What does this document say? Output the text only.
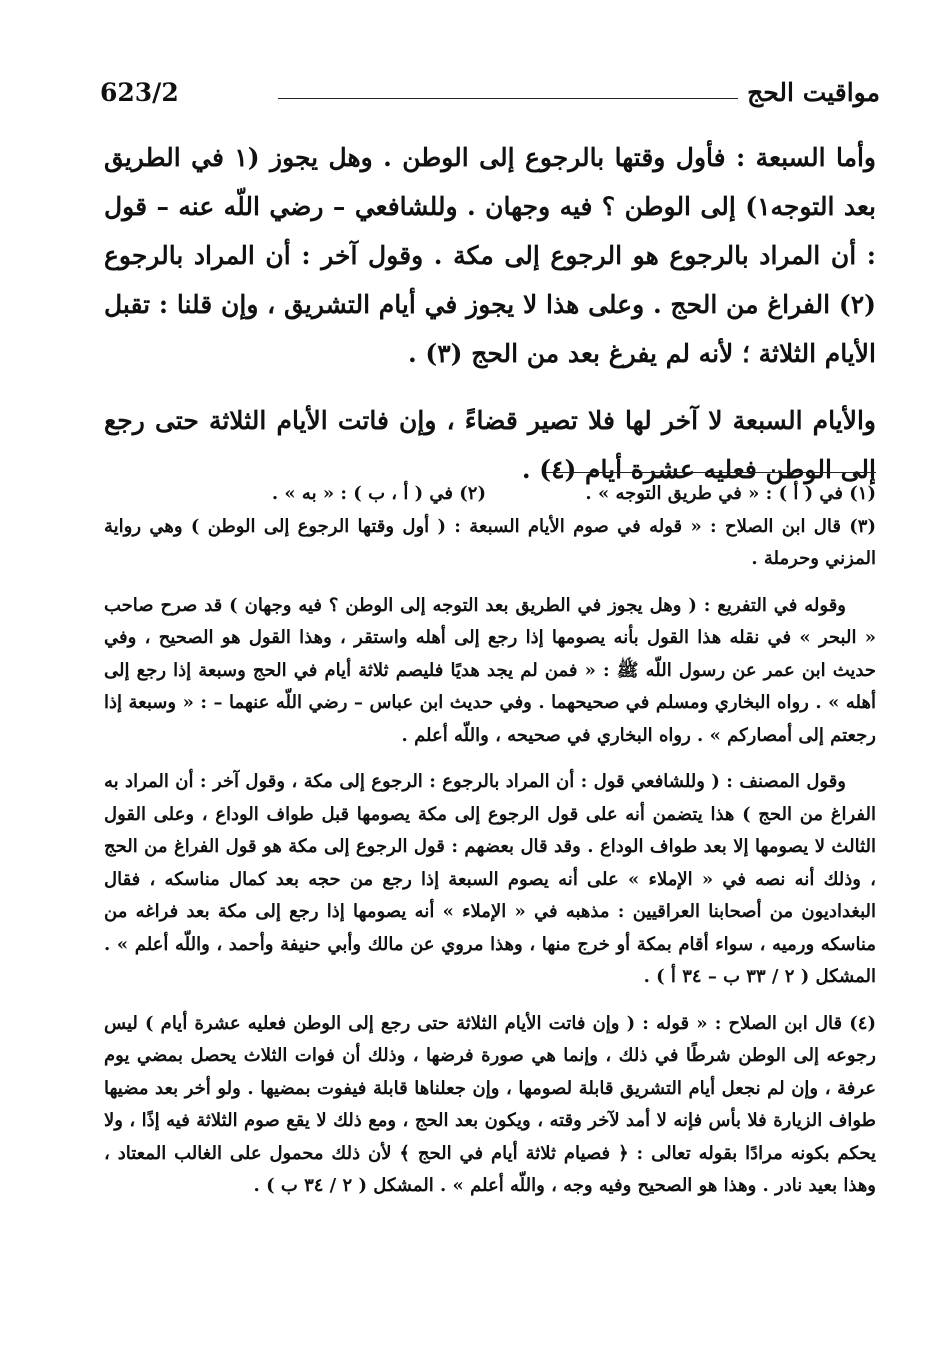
مواقيت الحج
623/2

وأما السبعة : فأول وقتها بالرجوع إلى الوطن . وهل يجوز (١ في الطريق بعد التوجه١) إلى الوطن ؟ فيه وجهان . وللشافعي – رضي اللّه عنه – قول : أن المراد بالرجوع هو الرجوع إلى مكة . وقول آخر : أن المراد بالرجوع (٢) الفراغ من الحج . وعلى هذا لا يجوز في أيام التشريق ، وإن قلنا : تقبل الأيام الثلاثة ؛ لأنه لم يفرغ بعد من الحج (٣) .

والأيام السبعة لا آخر لها فلا تصير قضاءً ، وإن فاتت الأيام الثلاثة حتى رجع إلى الوطن فعليه عشرة أيام (٤) .

(١) في ( أ ) : « في طريق التوجه » .
(٢) في ( أ ، ب ) : « به » .

(٣) قال ابن الصلاح : « قوله في صوم الأيام السبعة : ( أول وقتها الرجوع إلى الوطن ) وهي رواية المزني وحرملة .

وقوله في التفريع : ( وهل يجوز في الطريق بعد التوجه إلى الوطن ؟ فيه وجهان ) قد صرح صاحب « البحر » في نقله هذا القول بأنه يصومها إذا رجع إلى أهله واستقر ، وهذا القول هو الصحيح ، وفي حديث ابن عمر عن رسول اللّه ﷺ : « فمن لم يجد هديًا فليصم ثلاثة أيام في الحج وسبعة إذا رجع إلى أهله » . رواه البخاري ومسلم في صحيحهما . وفي حديث ابن عباس – رضي اللّه عنهما – : « وسبعة إذا رجعتم إلى أمصاركم » . رواه البخاري في صحيحه ، واللّه أعلم .

وقول المصنف : ( وللشافعي قول : أن المراد بالرجوع : الرجوع إلى مكة ، وقول آخر : أن المراد به الفراغ من الحج ) هذا يتضمن أنه على قول الرجوع إلى مكة يصومها قبل طواف الوداع ، وعلى القول الثالث لا يصومها إلا بعد طواف الوداع . وقد قال بعضهم : قول الرجوع إلى مكة هو قول الفراغ من الحج ، وذلك أنه نصه في « الإملاء » على أنه يصوم السبعة إذا رجع من حجه بعد كمال مناسكه ، فقال البغداديون من أصحابنا العراقيين : مذهبه في « الإملاء » أنه يصومها إذا رجع إلى مكة بعد فراغه من مناسكه ورميه ، سواء أقام بمكة أو خرج منها ، وهذا مروي عن مالك وأبي حنيفة وأحمد ، واللّه أعلم » . المشكل ( ٢ / ٣٣ ب – ٣٤ أ ) .

(٤) قال ابن الصلاح : « قوله : ( وإن فاتت الأيام الثلاثة حتى رجع إلى الوطن فعليه عشرة أيام ) ليس رجوعه إلى الوطن شرطًا في ذلك ، وإنما هي صورة فرضها ، وذلك أن فوات الثلاث يحصل بمضي يوم عرفة ، وإن لم نجعل أيام التشريق قابلة لصومها ، وإن جعلناها قابلة فيفوت بمضيها . ولو أخر بعد مضيها طواف الزيارة فلا بأس فإنه لا أمد لآخر وقته ، ويكون بعد الحج ، ومع ذلك لا يقع صوم الثلاثة فيه إذًا ، ولا يحكم بكونه مرادًا بقوله تعالى : ﴿ فصيام ثلاثة أيام في الحج ﴾ لأن ذلك محمول على الغالب المعتاد ، وهذا بعيد نادر . وهذا هو الصحيح وفيه وجه ، واللّه أعلم » . المشكل ( ٢ / ٣٤ ب ) .
